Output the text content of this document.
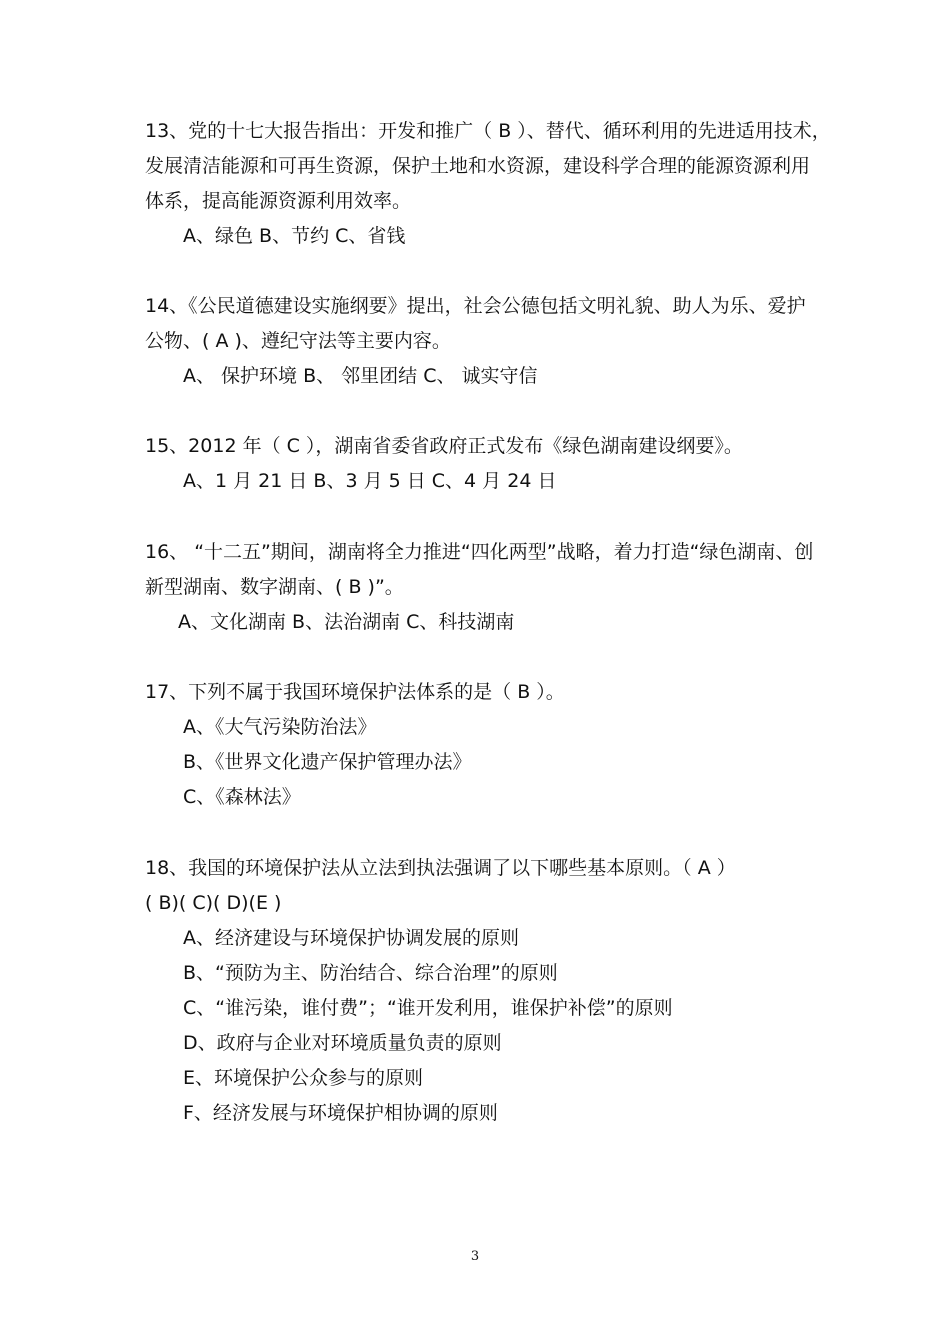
13、党的十七大报告指出：开发和推广（ B ）、替代、循环利用的先进适用技术，
发展清洁能源和可再生资源，保护土地和水资源，建设科学合理的能源资源利用
体系，提高能源资源利用效率。
A、绿色 B、节约 C、省钱
14、《公民道德建设实施纲要》提出，社会公德包括文明礼貌、助人为乐、爱护
公物、( A )、遵纪守法等主要内容。
A、 保护环境 B、 邻里团结 C、 诚实守信
15、2012 年（ C ），湖南省委省政府正式发布《绿色湖南建设纲要》。
A、1 月 21 日 B、3 月 5 日 C、4 月 24 日
16、 “十二五”期间，湖南将全力推进“四化两型”战略，着力打造“绿色湖南、创
新型湖南、数字湖南、( B )”。
A、文化湖南 B、法治湖南 C、科技湖南
17、下列不属于我国环境保护法体系的是（ B ）。
A、《大气污染防治法》
B、《世界文化遗产保护管理办法》
C、《森林法》
18、我国的环境保护法从立法到执法强调了以下哪些基本原则。（ A ）
( B)( C)( D)(E )
A、经济建设与环境保护协调发展的原则
B、“预防为主、防治结合、综合治理”的原则
C、“谁污染，谁付费”；“谁开发利用，谁保护补偿”的原则
D、政府与企业对环境质量负责的原则
E、环境保护公众参与的原则
F、经济发展与环境保护相协调的原则
3
